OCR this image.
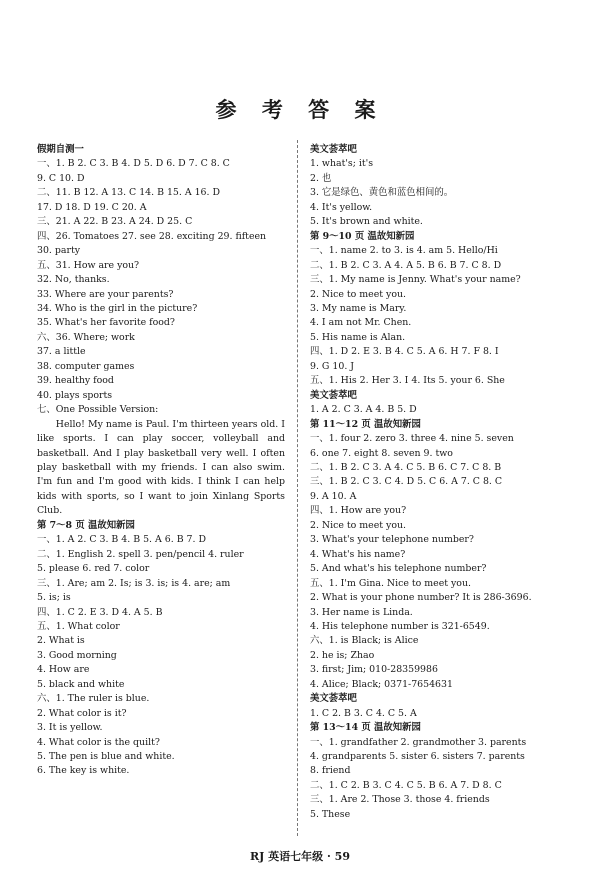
参 考 答 案
假期自测一
一、1. B 2. C 3. B 4. D 5. D 6. D 7. C 8. C
9. C 10. D
二、11. B 12. A 13. C 14. B 15. A 16. D
17. D 18. D 19. C 20. A
三、21. A 22. B 23. A 24. D 25. C
四、26. Tomatoes 27. see 28. exciting 29. fifteen
30. party
五、31. How are you?
32. No, thanks.
33. Where are your parents?
34. Who is the girl in the picture?
35. What's her favorite food?
六、36. Where; work
37. a little
38. computer games
39. healthy food
40. plays sports
七、One Possible Version:
Hello! My name is Paul. I'm thirteen years old. I like sports. I can play soccer, volleyball and basketball. And I play basketball very well. I often play basketball with my friends. I can also swim. I'm fun and I'm good with kids. I think I can help kids with sports, so I want to join Xinlang Sports Club.
第 7～8 页 温故知新园
一、1. A 2. C 3. B 4. B 5. A 6. B 7. D
二、1. English 2. spell 3. pen/pencil 4. ruler
5. please 6. red 7. color
三、1. Are; am 2. Is; is 3. is; is 4. are; am
5. is; is
四、1. C 2. E 3. D 4. A 5. B
五、1. What color
2. What is
3. Good morning
4. How are
5. black and white
六、1. The ruler is blue.
2. What color is it?
3. It is yellow.
4. What color is the quilt?
5. The pen is blue and white.
6. The key is white.
美文荟萃吧
1. what's; it's
2. 也
3. 它是绿色、黄色和蓝色相间的。
4. It's yellow.
5. It's brown and white.
第 9～10 页 温故知新园
一、1. name 2. to 3. is 4. am 5. Hello/Hi
二、1. B 2. C 3. A 4. A 5. B 6. B 7. C 8. D
三、1. My name is Jenny. What's your name?
2. Nice to meet you.
3. My name is Mary.
4. I am not Mr. Chen.
5. His name is Alan.
四、1. D 2. E 3. B 4. C 5. A 6. H 7. F 8. I
9. G 10. J
五、1. His 2. Her 3. I 4. Its 5. your 6. She
美文荟萃吧
1. A 2. C 3. A 4. B 5. D
第 11～12 页 温故知新园
一、1. four 2. zero 3. three 4. nine 5. seven
6. one 7. eight 8. seven 9. two
二、1. B 2. C 3. A 4. C 5. B 6. C 7. C 8. B
三、1. B 2. C 3. C 4. D 5. C 6. A 7. C 8. C
9. A 10. A
四、1. How are you?
2. Nice to meet you.
3. What's your telephone number?
4. What's his name?
5. And what's his telephone number?
五、1. I'm Gina. Nice to meet you.
2. What is your phone number? It is 286-3696.
3. Her name is Linda.
4. His telephone number is 321-6549.
六、1. is Black; is Alice
2. he is; Zhao
3. first; Jim; 010-28359986
4. Alice; Black; 0371-7654631
美文荟萃吧
1. C 2. B 3. C 4. C 5. A
第 13～14 页 温故知新园
一、1. grandfather 2. grandmother 3. parents
4. grandparents 5. sister 6. sisters 7. parents
8. friend
二、1. C 2. B 3. C 4. C 5. B 6. A 7. D 8. C
三、1. Are 2. Those 3. those 4. friends
5. These
RJ 英语七年级 · 59
